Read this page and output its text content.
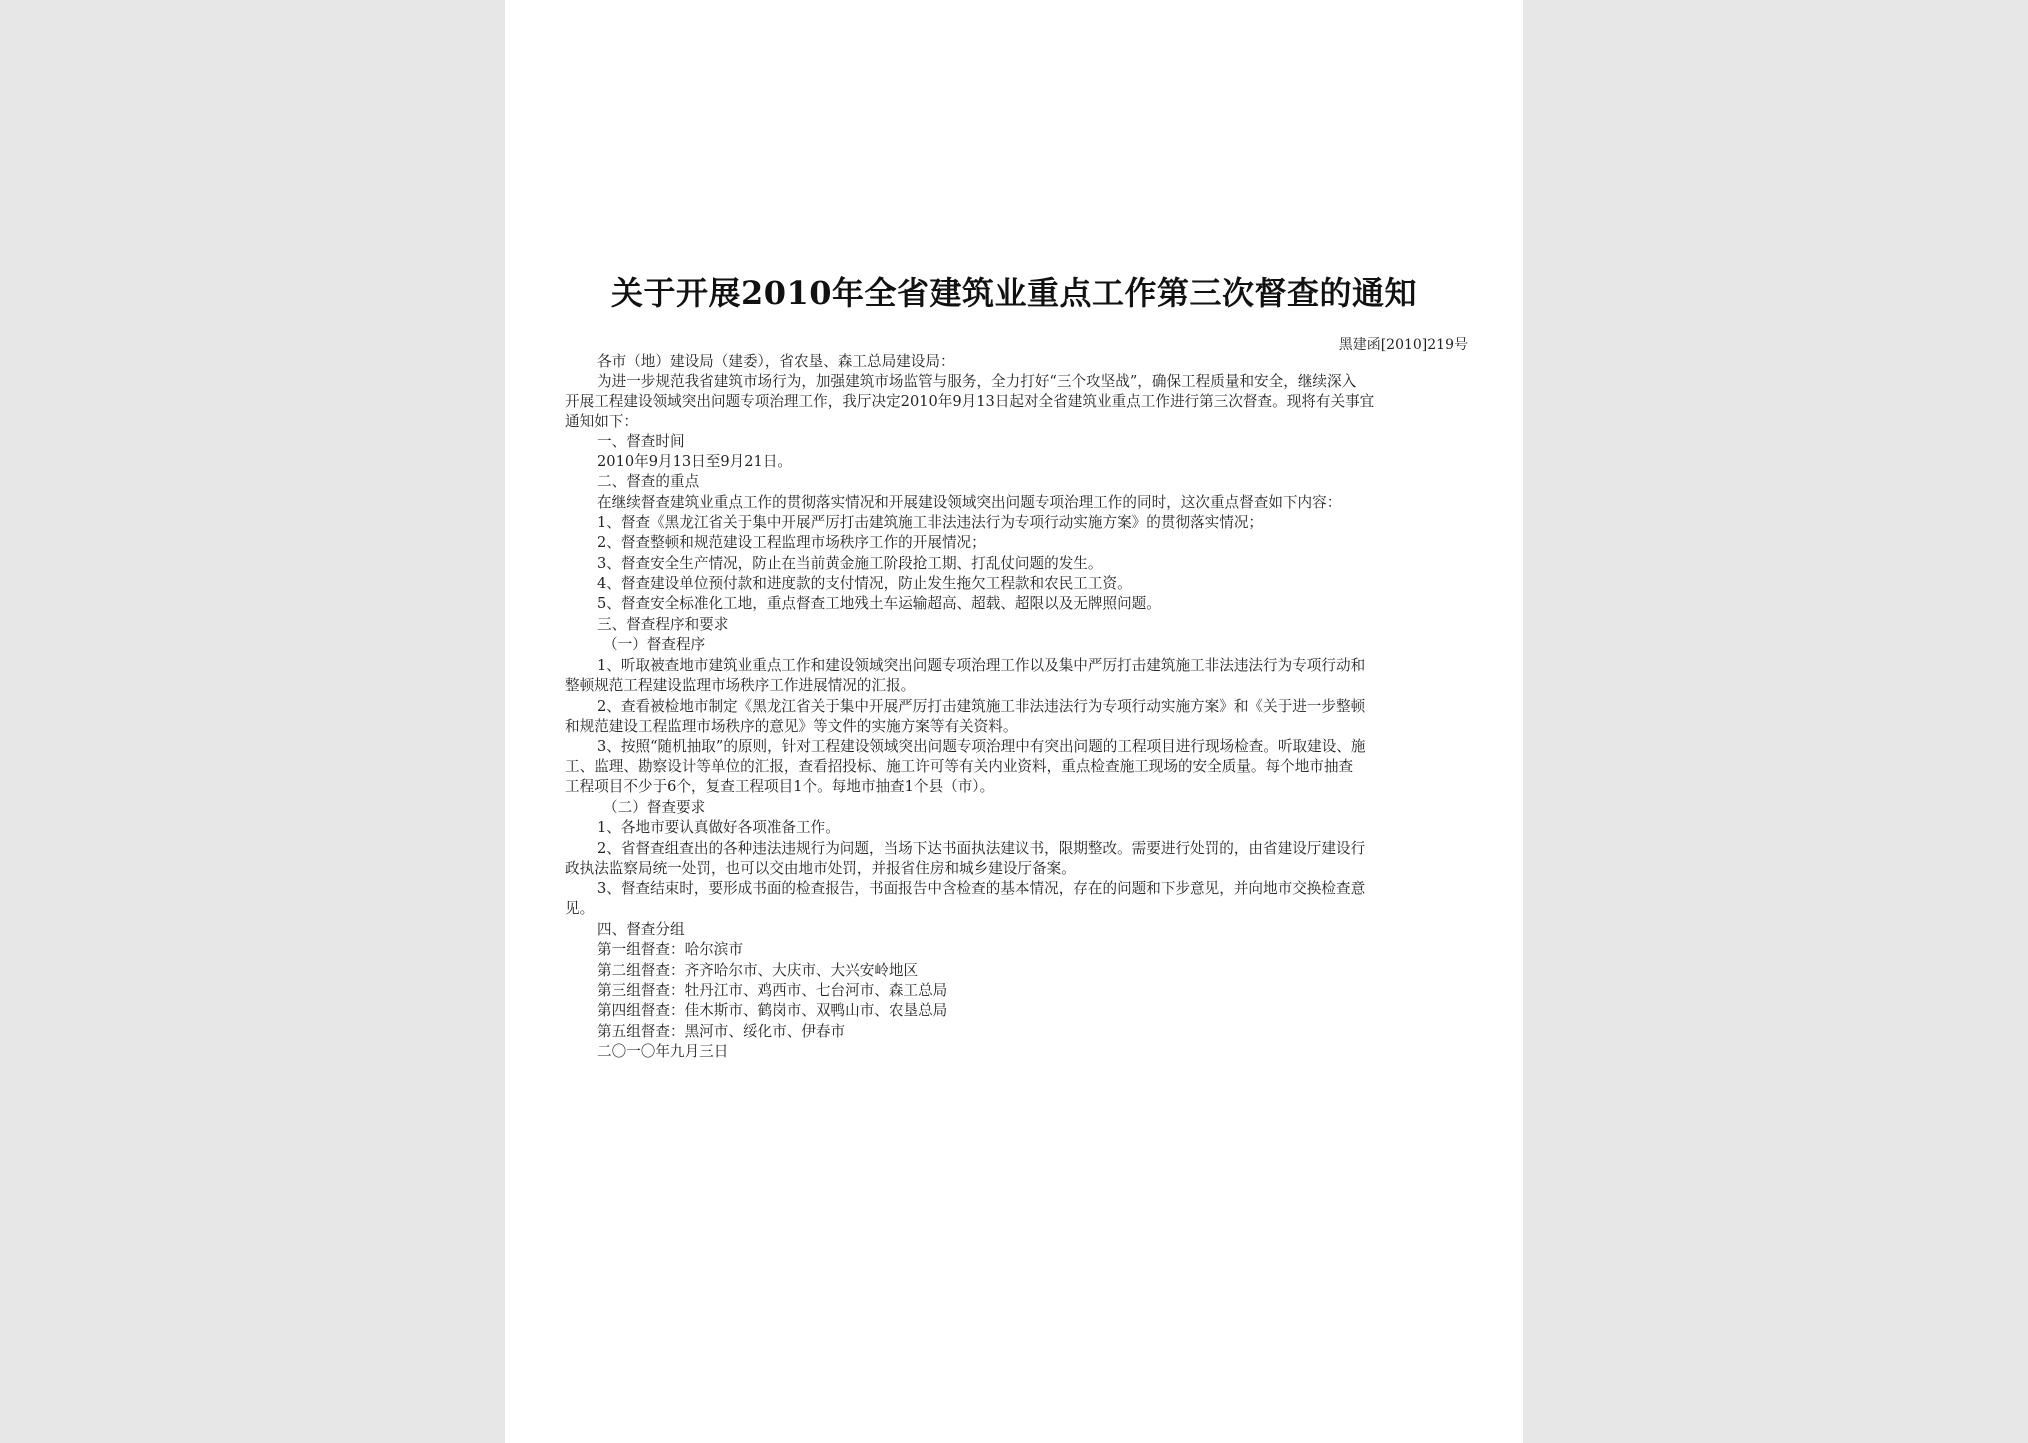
关于开展2010年全省建筑业重点工作第三次督查的通知
黑建函[2010]219号
各市（地）建设局（建委），省农垦、森工总局建设局：
为进一步规范我省建筑市场行为，加强建筑市场监管与服务，全力打好“三个攻坚战”，确保工程质量和安全，继续深入
开展工程建设领域突出问题专项治理工作，我厅决定2010年9月13日起对全省建筑业重点工作进行第三次督查。现将有关事宜
通知如下：
一、督查时间
2010年9月13日至9月21日。
二、督查的重点
在继续督查建筑业重点工作的贯彻落实情况和开展建设领域突出问题专项治理工作的同时，这次重点督查如下内容：
1、督查《黑龙江省关于集中开展严厉打击建筑施工非法违法行为专项行动实施方案》的贯彻落实情况；
2、督查整顿和规范建设工程监理市场秩序工作的开展情况；
3、督查安全生产情况，防止在当前黄金施工阶段抢工期、打乱仗问题的发生。
4、督查建设单位预付款和进度款的支付情况，防止发生拖欠工程款和农民工工资。
5、督查安全标准化工地，重点督查工地残土车运输超高、超载、超限以及无牌照问题。
三、督查程序和要求
（一）督查程序
1、听取被查地市建筑业重点工作和建设领域突出问题专项治理工作以及集中严厉打击建筑施工非法违法行为专项行动和
整顿规范工程建设监理市场秩序工作进展情况的汇报。
2、查看被检地市制定《黑龙江省关于集中开展严厉打击建筑施工非法违法行为专项行动实施方案》和《关于进一步整顿
和规范建设工程监理市场秩序的意见》等文件的实施方案等有关资料。
3、按照“随机抽取”的原则，针对工程建设领域突出问题专项治理中有突出问题的工程项目进行现场检查。听取建设、施
工、监理、勘察设计等单位的汇报，查看招投标、施工许可等有关内业资料，重点检查施工现场的安全质量。每个地市抽查
工程项目不少于6个，复查工程项目1个。每地市抽查1个县（市）。
（二）督查要求
1、各地市要认真做好各项准备工作。
2、省督查组查出的各种违法违规行为问题，当场下达书面执法建议书，限期整改。需要进行处罚的，由省建设厅建设行
政执法监察局统一处罚，也可以交由地市处罚，并报省住房和城乡建设厅备案。
3、督查结束时，要形成书面的检查报告，书面报告中含检查的基本情况，存在的问题和下步意见，并向地市交换检查意
见。
四、督查分组
第一组督查：哈尔滨市
第二组督查：齐齐哈尔市、大庆市、大兴安岭地区
第三组督查：牡丹江市、鸡西市、七台河市、森工总局
第四组督查：佳木斯市、鹤岗市、双鸭山市、农垦总局
第五组督查：黑河市、绥化市、伊春市
二〇一〇年九月三日
